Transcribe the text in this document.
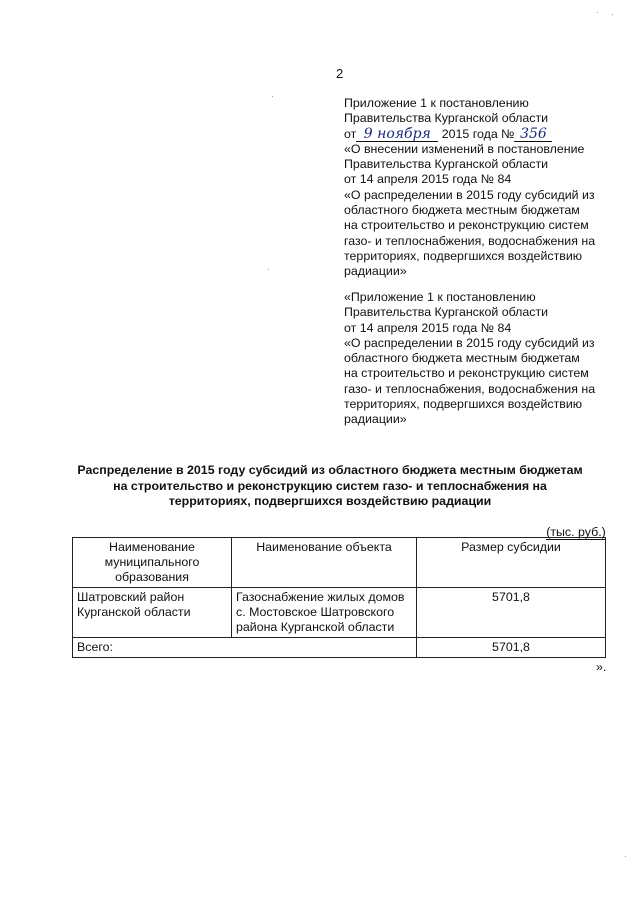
2

Приложение 1 к постановлению

Правительства Курганской области

от 9 ноября 2015 года № 356

«О внесении изменений в постановление

Правительства Курганской области

от 14 апреля 2015 года № 84

«О распределении в 2015 году субсидий из

областного бюджета местным бюджетам

на строительство и реконструкцию систем

газо- и теплоснабжения, водоснабжения на

территориях, подвергшихся воздействию

радиации»

«Приложение 1 к постановлению

Правительства Курганской области

от 14 апреля 2015 года № 84

«О распределении в 2015 году субсидий из

областного бюджета местным бюджетам

на строительство и реконструкцию систем

газо- и теплоснабжения, водоснабжения на

территориях, подвергшихся воздействию

радиации»

Распределение в 2015 году субсидий из областного бюджета местным бюджетам
на строительство и реконструкцию систем газо- и теплоснабжения на
территориях, подвергшихся воздействию радиации
(тыс. руб.)
Наименование муниципального образования	Наименование объекта	Размер субсидии
Шатровский район Курганской области	Газоснабжение жилых домов с. Мостовское Шатровского района Курганской области	5701,8
Всего:		5701,8
».
